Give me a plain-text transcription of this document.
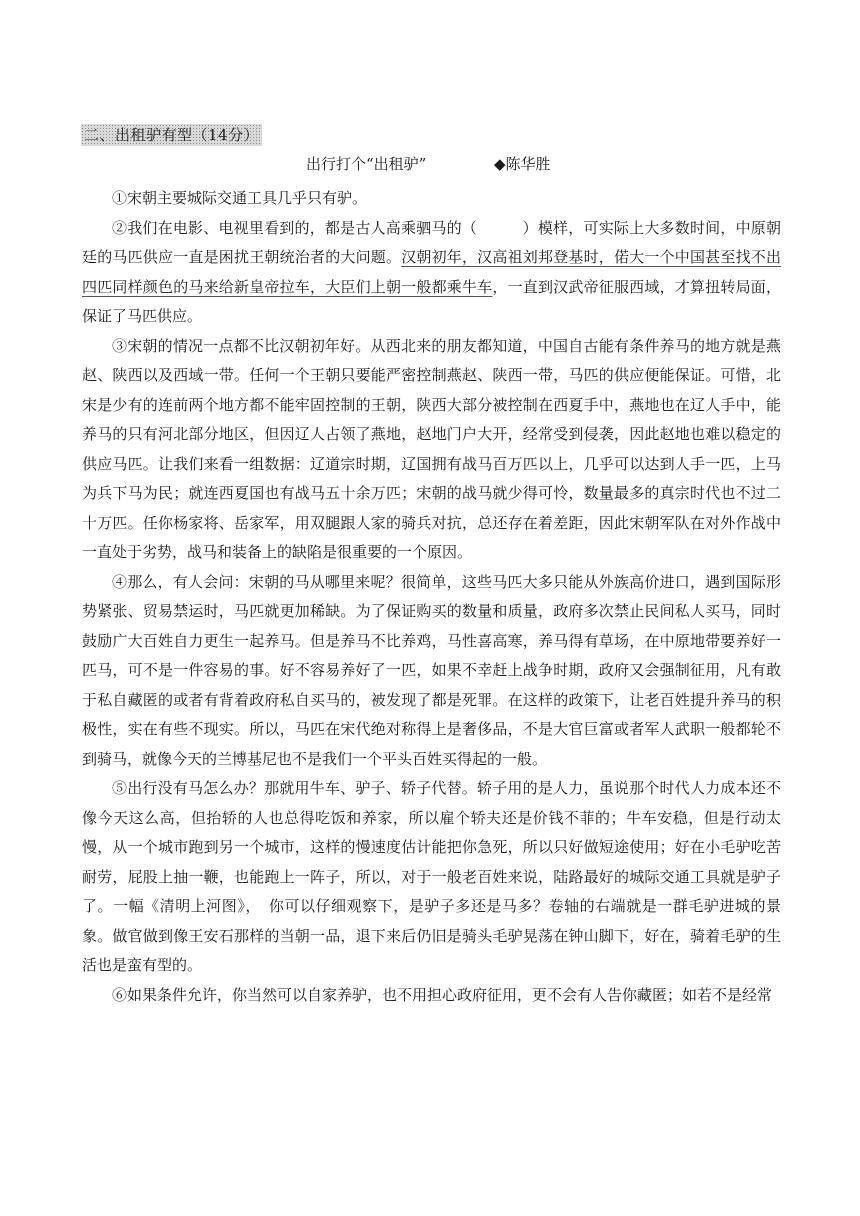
二、出租驴有型（14分）
出行打个“出租驴”	◆陈华胜

①宋朝主要城际交通工具几乎只有驴。

②我们在电影、电视里看到的，都是古人高乘驷马的（　　　）模样，可实际上大多数时间，中原朝廷的马匹供应一直是困扰王朝统治者的大问题。汉朝初年，汉高祖刘邦登基时，偌大一个中国甚至找不出四匹同样颜色的马来给新皇帝拉车，大臣们上朝一般都乘牛车，一直到汉武帝征服西域，才算扭转局面，保证了马匹供应。

③宋朝的情况一点都不比汉朝初年好。从西北来的朋友都知道，中国自古能有条件养马的地方就是燕赵、陕西以及西域一带。任何一个王朝只要能严密控制燕赵、陕西一带，马匹的供应便能保证。可惜，北宋是少有的连前两个地方都不能牢固控制的王朝，陕西大部分被控制在西夏手中，燕地也在辽人手中，能养马的只有河北部分地区，但因辽人占领了燕地，赵地门户大开，经常受到侵袭，因此赵地也难以稳定的供应马匹。让我们来看一组数据：辽道宗时期，辽国拥有战马百万匹以上，几乎可以达到人手一匹，上马为兵下马为民；就连西夏国也有战马五十余万匹；宋朝的战马就少得可怜，数量最多的真宗时代也不过二十万匹。任你杨家将、岳家军，用双腿跟人家的骑兵对抗，总还存在着差距，因此宋朝军队在对外作战中一直处于劣势，战马和装备上的缺陷是很重要的一个原因。

④那么，有人会问：宋朝的马从哪里来呢？很简单，这些马匹大多只能从外族高价进口，遇到国际形势紧张、贸易禁运时，马匹就更加稀缺。为了保证购买的数量和质量，政府多次禁止民间私人买马，同时鼓励广大百姓自力更生一起养马。但是养马不比养鸡，马性喜高寒，养马得有草场，在中原地带要养好一匹马，可不是一件容易的事。好不容易养好了一匹，如果不幸赶上战争时期，政府又会强制征用，凡有敢于私自藏匿的或者有背着政府私自买马的，被发现了都是死罪。在这样的政策下，让老百姓提升养马的积极性，实在有些不现实。所以，马匹在宋代绝对称得上是奢侈品，不是大官巨富或者军人武职一般都轮不到骑马，就像今天的兰博基尼也不是我们一个平头百姓买得起的一般。

⑤出行没有马怎么办？那就用牛车、驴子、轿子代替。轿子用的是人力，虽说那个时代人力成本还不像今天这么高，但抬轿的人也总得吃饭和养家，所以雇个轿夫还是价钱不菲的；牛车安稳，但是行动太慢，从一个城市跑到另一个城市，这样的慢速度估计能把你急死，所以只好做短途使用；好在小毛驴吃苦耐劳，屁股上抽一鞭，也能跑上一阵子，所以，对于一般老百姓来说，陆路最好的城际交通工具就是驴子了。一幅《清明上河图》，　你可以仔细观察下，是驴子多还是马多？卷轴的右端就是一群毛驴进城的景象。做官做到像王安石那样的当朝一品，退下来后仍旧是骑头毛驴晃荡在钟山脚下，好在，骑着毛驴的生活也是蛮有型的。

⑥如果条件允许，你当然可以自家养驴，也不用担心政府征用，更不会有人告你藏匿；如若不是经常
